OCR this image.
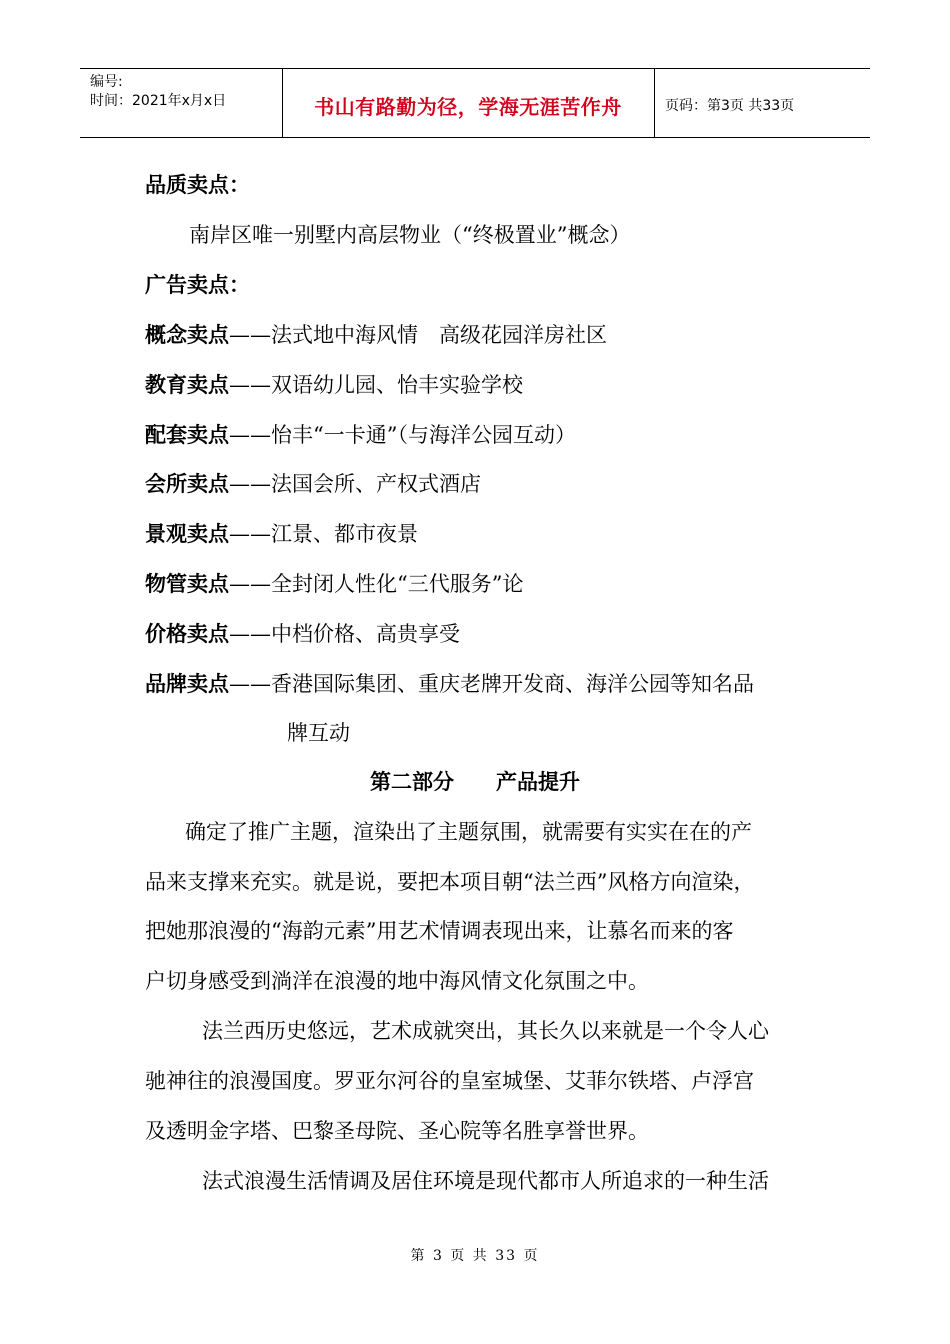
编号:
时间：2021年x月x日	书山有路勤为径，学海无涯苦作舟	页码：第3页 共33页
品质卖点：
南岸区唯一别墅内高层物业（“终极置业”概念）
广告卖点：
概念卖点——法式地中海风情　高级花园洋房社区
教育卖点——双语幼儿园、怡丰实验学校
配套卖点——怡丰“一卡通”（与海洋公园互动）
会所卖点——法国会所、产权式酒店
景观卖点——江景、都市夜景
物管卖点——全封闭人性化“三代服务”论
价格卖点——中档价格、高贵享受
品牌卖点——香港国际集团、重庆老牌开发商、海洋公园等知名品
牌互动
第二部分　　产品提升
确定了推广主题，渲染出了主题氛围，就需要有实实在在的产
品来支撑来充实。就是说，要把本项目朝“法兰西”风格方向渲染，
把她那浪漫的“海韵元素”用艺术情调表现出来，让慕名而来的客
户切身感受到淌洋在浪漫的地中海风情文化氛围之中。
法兰西历史悠远，艺术成就突出，其长久以来就是一个令人心
驰神往的浪漫国度。罗亚尔河谷的皇室城堡、艾菲尔铁塔、卢浮宫
及透明金字塔、巴黎圣母院、圣心院等名胜享誉世界。
法式浪漫生活情调及居住环境是现代都市人所追求的一种生活
第 3 页 共 33 页
